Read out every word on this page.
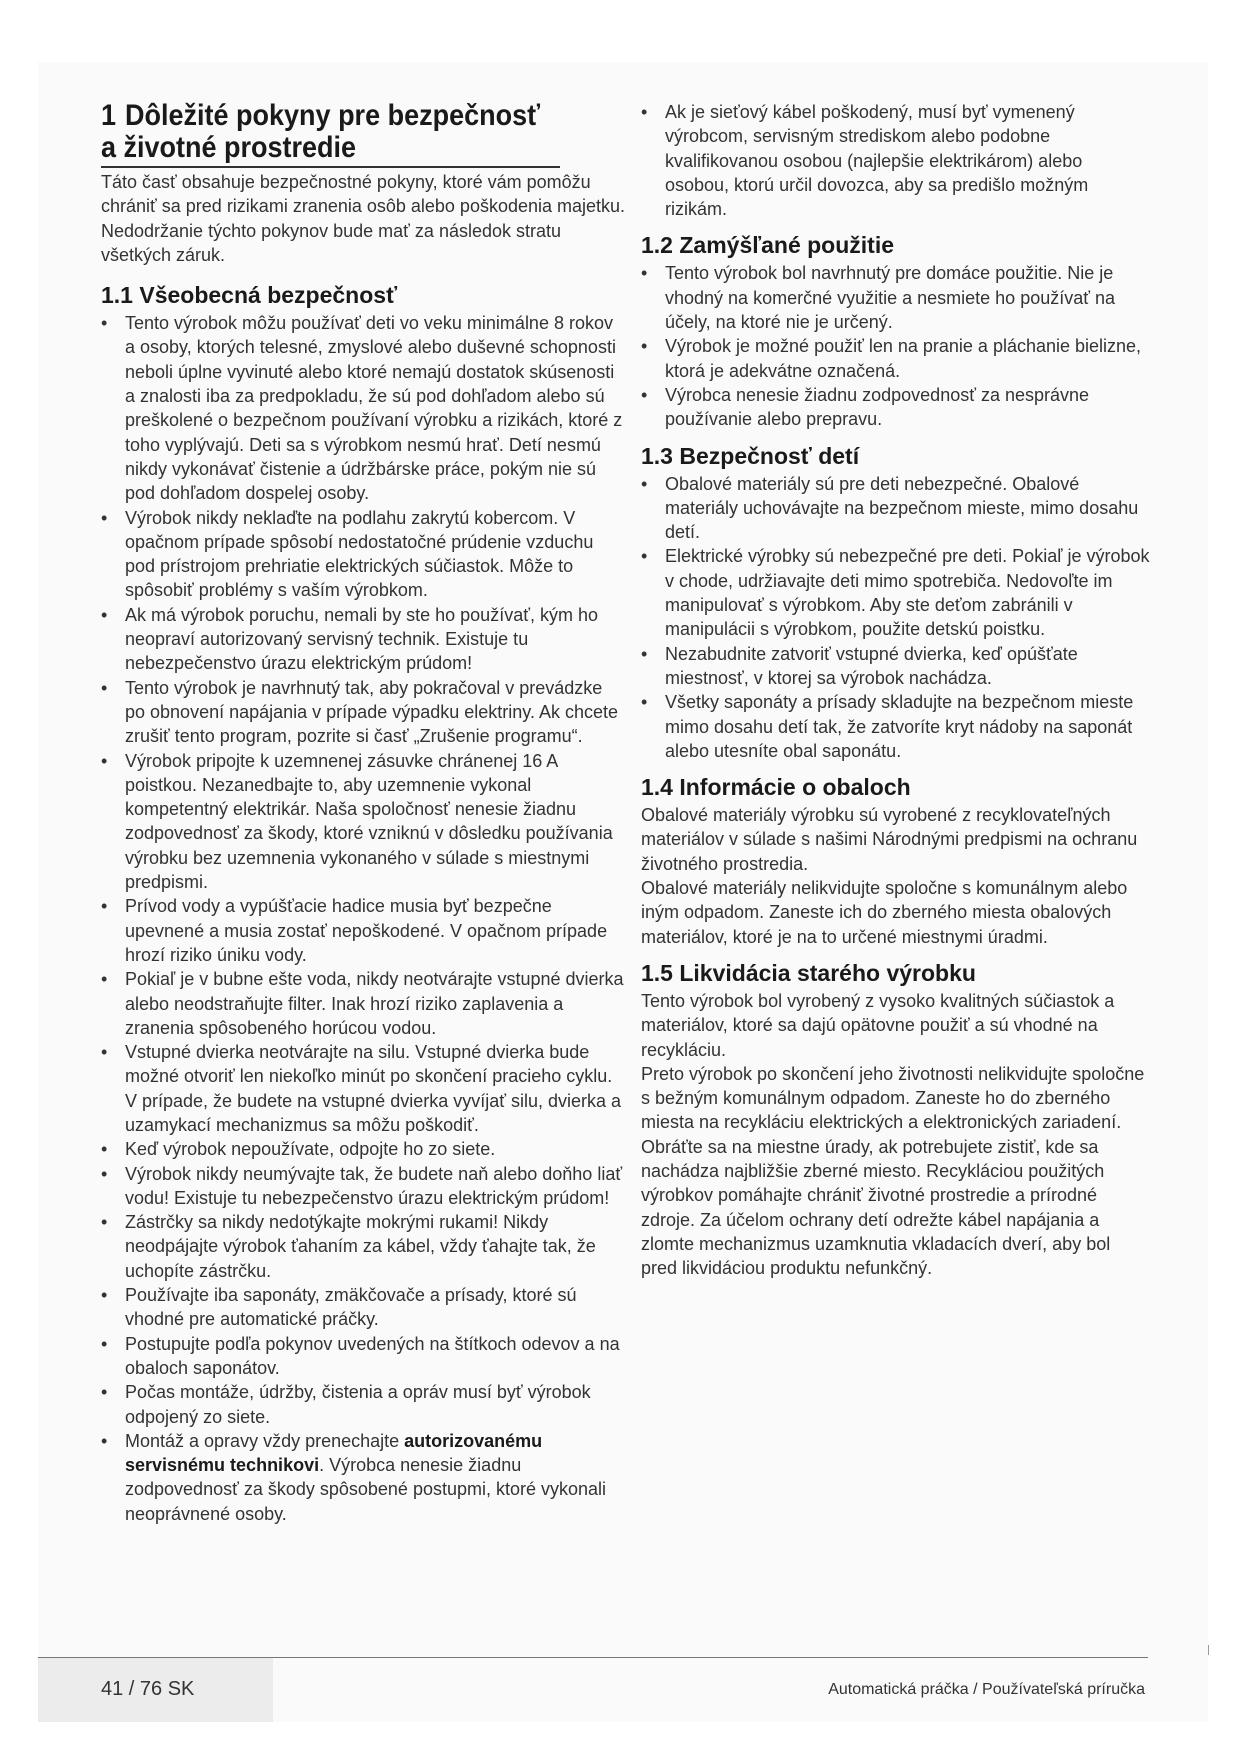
1 Dôležité pokyny pre bezpečnosť a životné prostredie

Táto časť obsahuje bezpečnostné pokyny, ktoré vám pomôžu chrániť sa pred rizikami zranenia osôb alebo poškodenia majetku. Nedodržanie týchto pokynov bude mať za následok stratu všetkých záruk.

1.1 Všeobecná bezpečnosť
• Tento výrobok môžu používať deti vo veku minimálne 8 rokov a osoby, ktorých telesné, zmyslové alebo duševné schopnosti neboli úplne vyvinuté alebo ktoré nemajú dostatok skúsenosti a znalosti iba za predpokladu, že sú pod dohľadom alebo sú preškolené o bezpečnom používaní výrobku a rizikách, ktoré z toho vyplývajú. Deti sa s výrobkom nesmú hrať. Detí nesmú nikdy vykonávať čistenie a údržbárske práce, pokým nie sú pod dohľadom dospelej osoby.
• Výrobok nikdy neklaďte na podlahu zakrytú kobercom. V opačnom prípade spôsobí nedostatočné prúdenie vzduchu pod prístrojom prehriatie elektrických súčiastok. Môže to spôsobiť problémy s vaším výrobkom.
• Ak má výrobok poruchu, nemali by ste ho používať, kým ho neopraví autorizovaný servisný technik. Existuje tu nebezpečenstvo úrazu elektrickým prúdom!
• Tento výrobok je navrhnutý tak, aby pokračoval v prevádzke po obnovení napájania v prípade výpadku elektriny. Ak chcete zrušiť tento program, pozrite si časť „Zrušenie programu“.
• Výrobok pripojte k uzemnenej zásuvke chránenej 16 A poistkou. Nezanedbajte to, aby uzemnenie vykonal kompetentný elektrikár. Naša spoločnosť nenesie žiadnu zodpovednosť za škody, ktoré vzniknú v dôsledku používania výrobku bez uzemnenia vykonaného v súlade s miestnymi predpismi.
• Prívod vody a vypúšťacie hadice musia byť bezpečne upevnené a musia zostať nepoškodené. V opačnom prípade hrozí riziko úniku vody.
• Pokiaľ je v bubne ešte voda, nikdy neotvárajte vstupné dvierka alebo neodstraňujte filter. Inak hrozí riziko zaplavenia a zranenia spôsobeného horúcou vodou.
• Vstupné dvierka neotvárajte na silu. Vstupné dvierka bude možné otvoriť len niekoľko minút po skončení pracieho cyklu. V prípade, že budete na vstupné dvierka vyvíjať silu, dvierka a uzamykací mechanizmus sa môžu poškodiť.
• Keď výrobok nepoužívate, odpojte ho zo siete.
• Výrobok nikdy neumývajte tak, že budete naň alebo doňho liať vodu! Existuje tu nebezpečenstvo úrazu elektrickým prúdom!
• Zástrčky sa nikdy nedotýkajte mokrými rukami! Nikdy neodpájajte výrobok ťahaním za kábel, vždy ťahajte tak, že uchopíte zástrčku.
• Používajte iba saponáty, zmäkčovače a prísady, ktoré sú vhodné pre automatické práčky.
• Postupujte podľa pokynov uvedených na štítkoch odevov a na obaloch saponátov.
• Počas montáže, údržby, čistenia a opráv musí byť výrobok odpojený zo siete.
• Montáž a opravy vždy prenechajte autorizovanému servisnému technikovi. Výrobca nenesie žiadnu zodpovednosť za škody spôsobené postupmi, ktoré vykonali neoprávnené osoby.
• Ak je sieťový kábel poškodený, musí byť vymenený výrobcom, servisným strediskom alebo podobne kvalifikovanou osobou (najlepšie elektrikárom) alebo osobou, ktorú určil dovozca, aby sa predišlo možným rizikám.
1.2 Zamýšľané použitie
• Tento výrobok bol navrhnutý pre domáce použitie. Nie je vhodný na komerčné využitie a nesmiete ho používať na účely, na ktoré nie je určený.
• Výrobok je možné použiť len na pranie a pláchanie bielizne, ktorá je adekvátne označená.
• Výrobca nenesie žiadnu zodpovednosť za nesprávne používanie alebo prepravu.
1.3 Bezpečnosť detí
• Obalové materiály sú pre deti nebezpečné. Obalové materiály uchovávajte na bezpečnom mieste, mimo dosahu detí.
• Elektrické výrobky sú nebezpečné pre deti. Pokiaľ je výrobok v chode, udržiavajte deti mimo spotrebiča. Nedovoľte im manipulovať s výrobkom. Aby ste deťom zabránili v manipulácii s výrobkom, použite detskú poistku.
• Nezabudnite zatvoriť vstupné dvierka, keď opúšťate miestnosť, v ktorej sa výrobok nachádza.
• Všetky saponáty a prísady skladujte na bezpečnom mieste mimo dosahu detí tak, že zatvoríte kryt nádoby na saponát alebo utesníte obal saponátu.
1.4 Informácie o obaloch

Obalové materiály výrobku sú vyrobené z recyklovateľných materiálov v súlade s našimi Národnými predpismi na ochranu životného prostredia.

Obalové materiály nelikvidujte spoločne s komunálnym alebo iným odpadom. Zaneste ich do zberného miesta obalových materiálov, ktoré je na to určené miestnymi úradmi.

1.5 Likvidácia starého výrobku

Tento výrobok bol vyrobený z vysoko kvalitných súčiastok a materiálov, ktoré sa dajú opätovne použiť a sú vhodné na recykláciu.

Preto výrobok po skončení jeho životnosti nelikvidujte spoločne s bežným komunálnym odpadom. Zaneste ho do zberného miesta na recykláciu elektrických a elektronických zariadení. Obráťte sa na miestne úrady, ak potrebujete zistiť, kde sa nachádza najbližšie zberné miesto. Recykláciou použitých výrobkov pomáhajte chrániť životné prostredie a prírodné zdroje. Za účelom ochrany detí odrežte kábel napájania a zlomte mechanizmus uzamknutia vkladacích dverí, aby bol pred likvidáciou produktu nefunkčný.

41 / 76 SK	Automatická práčka / Používateľská príručka
